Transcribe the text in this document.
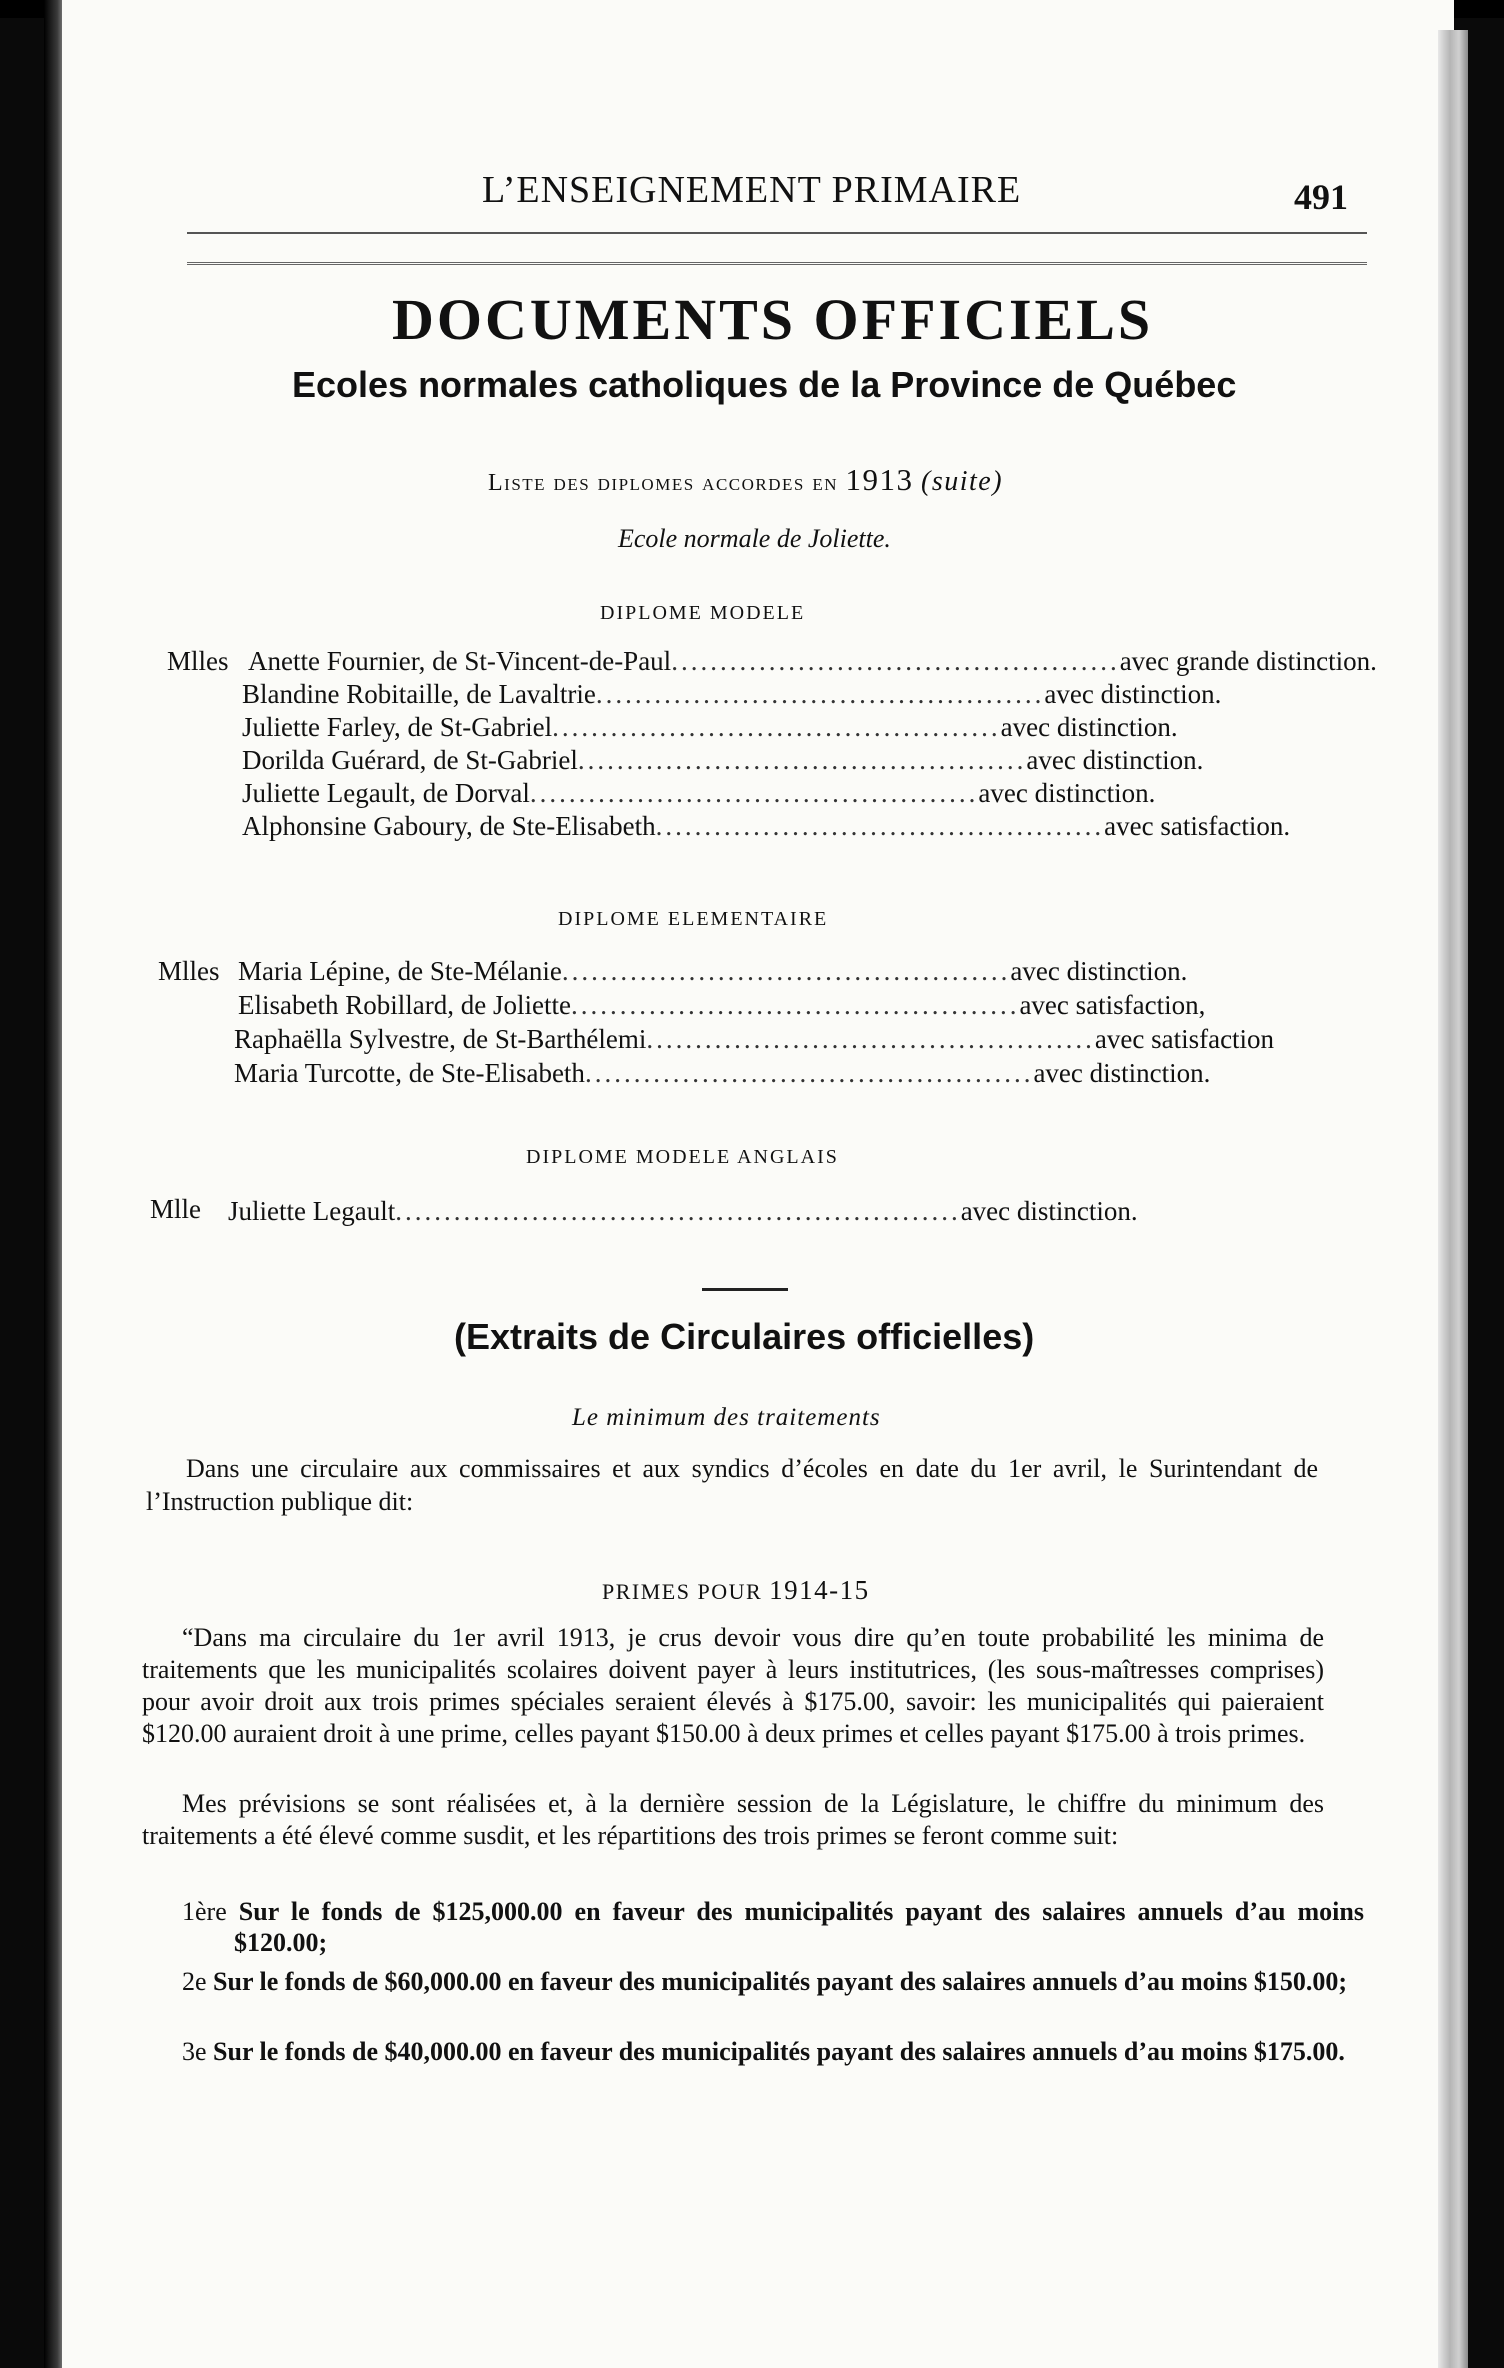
L’ENSEIGNEMENT PRIMAIRE	491
DOCUMENTS OFFICIELS
Ecoles normales catholiques de la Province de Québec
Liste des diplomes accordes en 1913 (suite)
Ecole normale de Joliette.
DIPLOME MODELE
Mlles Anette Fournier, de St-Vincent-de-Paul .............................................. avec grande distinction.
Blandine Robitaille, de Lavaltrie .............................................. avec distinction.
Juliette Farley, de St-Gabriel .............................................. avec distinction.
Dorilda Guérard, de St-Gabriel .............................................. avec distinction.
Juliette Legault, de Dorval .............................................. avec distinction.
Alphonsine Gaboury, de Ste-Elisabeth .............................................. avec satisfaction.
DIPLOME ELEMENTAIRE
Mlles Maria Lépine, de Ste-Mélanie .............................................. avec distinction.
Elisabeth Robillard, de Joliette .............................................. avec satisfaction,
Raphaëlla Sylvestre, de St-Barthélemi .............................................. avec satisfaction
Maria Turcotte, de Ste-Elisabeth .............................................. avec distinction.
DIPLOME MODELE ANGLAIS
Mlle Juliette Legault .......................................................... avec distinction.
(Extraits de Circulaires officielles)
Le minimum des traitements
Dans une circulaire aux commissaires et aux syndics d’écoles en date du 1er avril, le Surintendant de l’Instruction publique dit:
PRIMES POUR 1914-15
“Dans ma circulaire du 1er avril 1913, je crus devoir vous dire qu’en toute probabilité les minima de traitements que les municipalités scolaires doivent payer à leurs institutrices, (les sous-maîtresses comprises) pour avoir droit aux trois primes spéciales seraient élevés à $175.00, savoir: les municipalités qui paieraient $120.00 auraient droit à une prime, celles payant $150.00 à deux primes et celles payant $175.00 à trois primes.
Mes prévisions se sont réalisées et, à la dernière session de la Législature, le chiffre du minimum des traitements a été élevé comme susdit, et les répartitions des trois primes se feront comme suit:
1ère Sur le fonds de $125,000.00 en faveur des municipalités payant des salaires annuels d’au moins $120.00;
2e Sur le fonds de $60,000.00 en faveur des municipalités payant des salaires annuels d’au moins $150.00;
3e Sur le fonds de $40,000.00 en faveur des municipalités payant des salaires annuels d’au moins $175.00.
